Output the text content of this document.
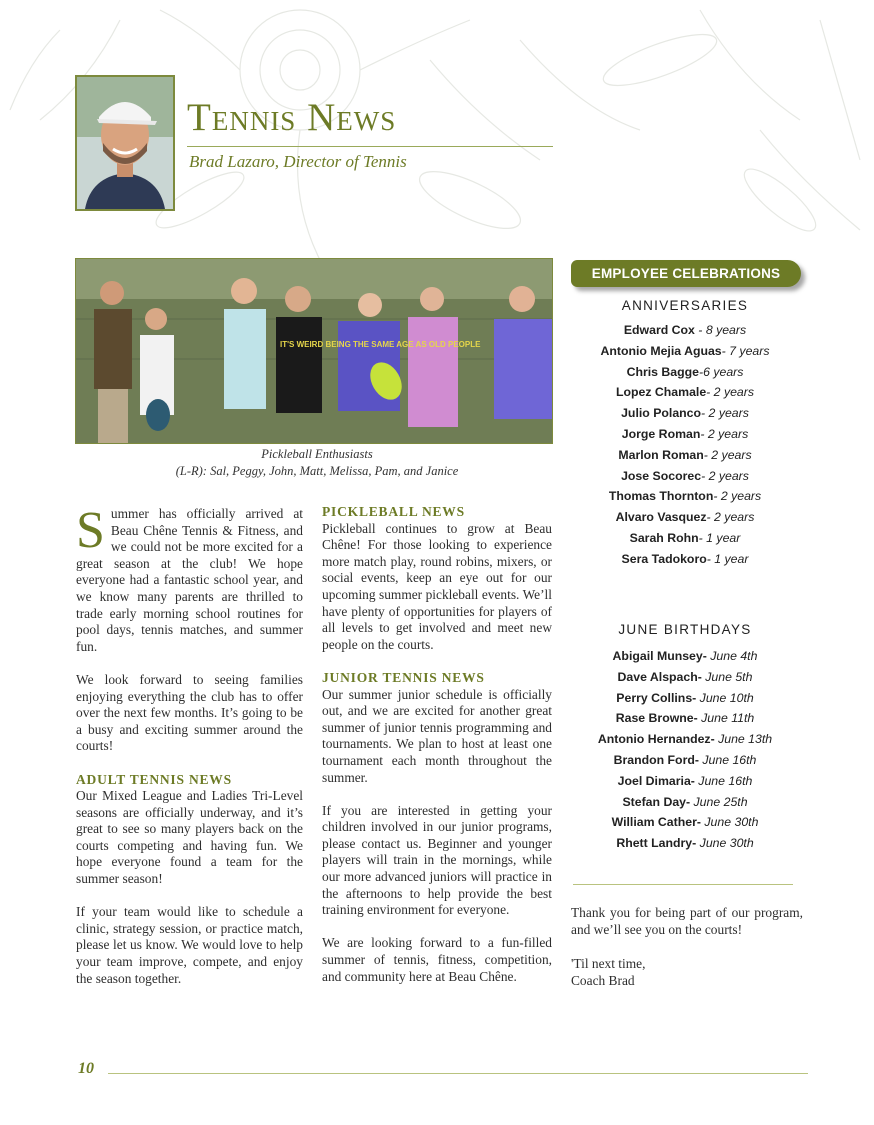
Tennis News
Brad Lazaro, Director of Tennis
IT'S WEIRD BEING THE SAME AGE AS OLD PEOPLE
Pickleball Enthusiasts
(L-R): Sal, Peggy, John, Matt, Melissa, Pam, and Janice

Summer has officially arrived at Beau Chêne Tennis & Fitness, and we could not be more excited for a great season at the club! We hope everyone had a fantastic school year, and we know many parents are thrilled to trade early morning school routines for pool days, tennis matches, and summer fun.

We look forward to seeing families enjoying everything the club has to offer over the next few months. It’s going to be a busy and exciting summer around the courts!

ADULT TENNIS NEWS

Our Mixed League and Ladies Tri-Level seasons are officially underway, and it’s great to see so many players back on the courts competing and having fun. We hope everyone found a team for the summer season!

If your team would like to schedule a clinic, strategy session, or practice match, please let us know. We would love to help your team improve, compete, and enjoy the season together.

PICKLEBALL NEWS

Pickleball continues to grow at Beau Chêne! For those looking to experience more match play, round robins, mixers, or social events, keep an eye out for our upcoming summer pickleball events. We’ll have plenty of opportunities for players of all levels to get involved and meet new people on the courts.

JUNIOR TENNIS NEWS

Our summer junior schedule is officially out, and we are excited for another great summer of junior tennis programming and tournaments. We plan to host at least one tournament each month throughout the summer.

If you are interested in getting your children involved in our junior programs, please contact us. Beginner and younger players will train in the mornings, while our more advanced juniors will practice in the afternoons to help provide the best training environment for everyone.

We are looking forward to a fun-filled summer of tennis, fitness, competition, and community here at Beau Chêne.

EMPLOYEE CELEBRATIONS
ANNIVERSARIES
Edward Cox - 8 years
Antonio Mejia Aguas- 7 years
Chris Bagge-6 years
Lopez Chamale- 2 years
Julio Polanco- 2 years
Jorge Roman- 2 years
Marlon Roman- 2 years
Jose Socorec- 2 years
Thomas Thornton- 2 years
Alvaro Vasquez- 2 years
Sarah Rohn- 1 year
Sera Tadokoro- 1 year
JUNE BIRTHDAYS
Abigail Munsey- June 4th
Dave Alspach- June 5th
Perry Collins- June 10th
Rase Browne- June 11th
Antonio Hernandez- June 13th
Brandon Ford- June 16th
Joel Dimaria- June 16th
Stefan Day- June 25th
William Cather- June 30th
Rhett Landry- June 30th
Thank you for being part of our program, and we’ll see you on the courts!
'Til next time,
Coach Brad
10
